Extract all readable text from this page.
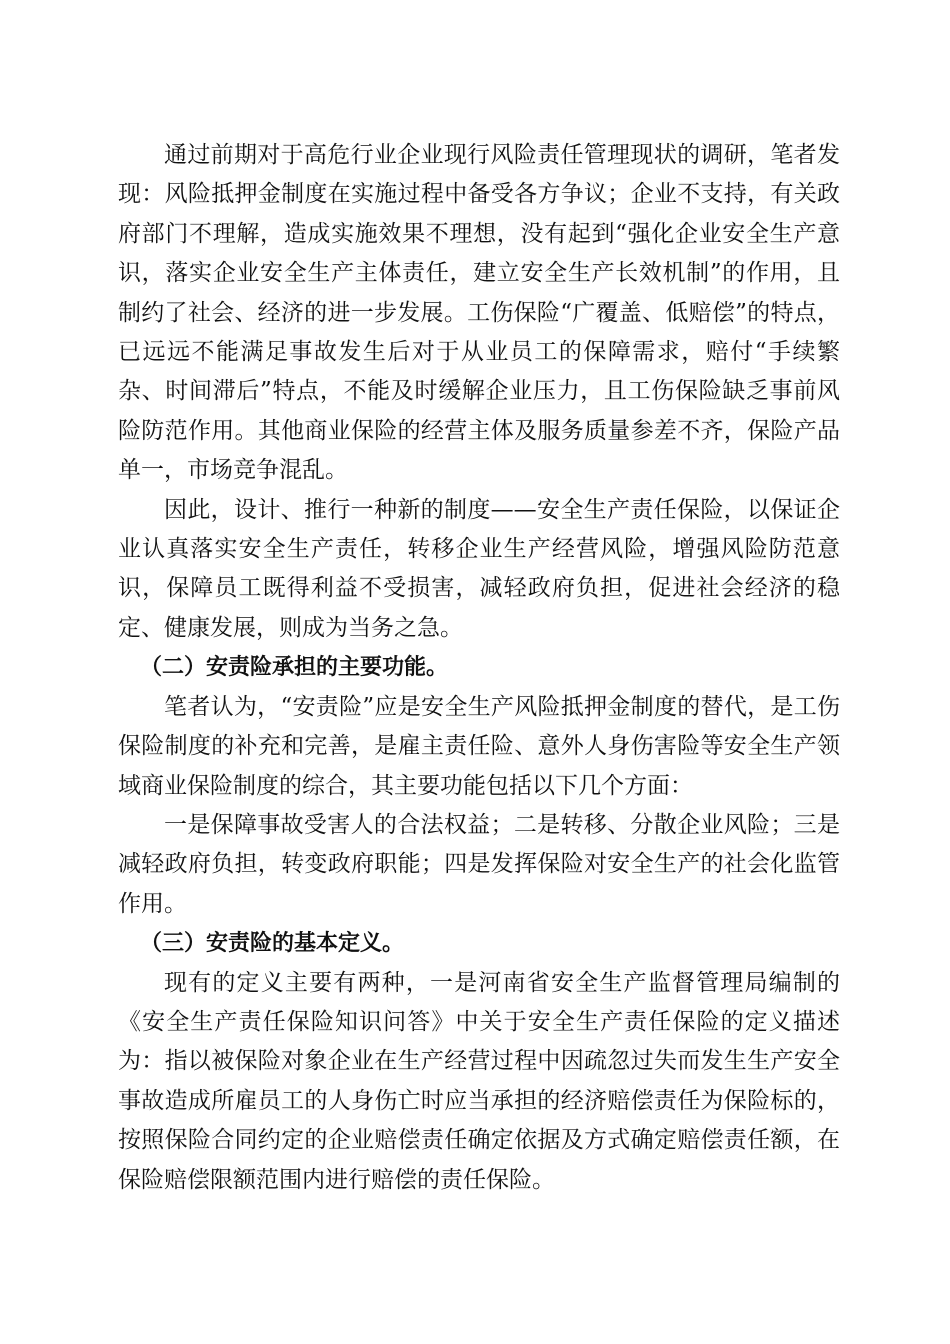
通过前期对于高危行业企业现行风险责任管理现状的调研，笔者发现：风险抵押金制度在实施过程中备受各方争议；企业不支持，有关政府部门不理解，造成实施效果不理想，没有起到“强化企业安全生产意识，落实企业安全生产主体责任，建立安全生产长效机制”的作用，且制约了社会、经济的进一步发展。工伤保险“广覆盖、低赔偿”的特点，已远远不能满足事故发生后对于从业员工的保障需求，赔付“手续繁杂、时间滞后”特点，不能及时缓解企业压力，且工伤保险缺乏事前风险防范作用。其他商业保险的经营主体及服务质量参差不齐，保险产品单一，市场竞争混乱。

因此，设计、推行一种新的制度——安全生产责任保险，以保证企业认真落实安全生产责任，转移企业生产经营风险，增强风险防范意识，保障员工既得利益不受损害，减轻政府负担，促进社会经济的稳定、健康发展，则成为当务之急。

（二）安责险承担的主要功能。

笔者认为，“安责险”应是安全生产风险抵押金制度的替代，是工伤保险制度的补充和完善，是雇主责任险、意外人身伤害险等安全生产领域商业保险制度的综合，其主要功能包括以下几个方面：

一是保障事故受害人的合法权益；二是转移、分散企业风险；三是减轻政府负担，转变政府职能；四是发挥保险对安全生产的社会化监管作用。

（三）安责险的基本定义。

现有的定义主要有两种，一是河南省安全生产监督管理局编制的《安全生产责任保险知识问答》中关于安全生产责任保险的定义描述为：指以被保险对象企业在生产经营过程中因疏忽过失而发生生产安全事故造成所雇员工的人身伤亡时应当承担的经济赔偿责任为保险标的，按照保险合同约定的企业赔偿责任确定依据及方式确定赔偿责任额，在保险赔偿限额范围内进行赔偿的责任保险。
